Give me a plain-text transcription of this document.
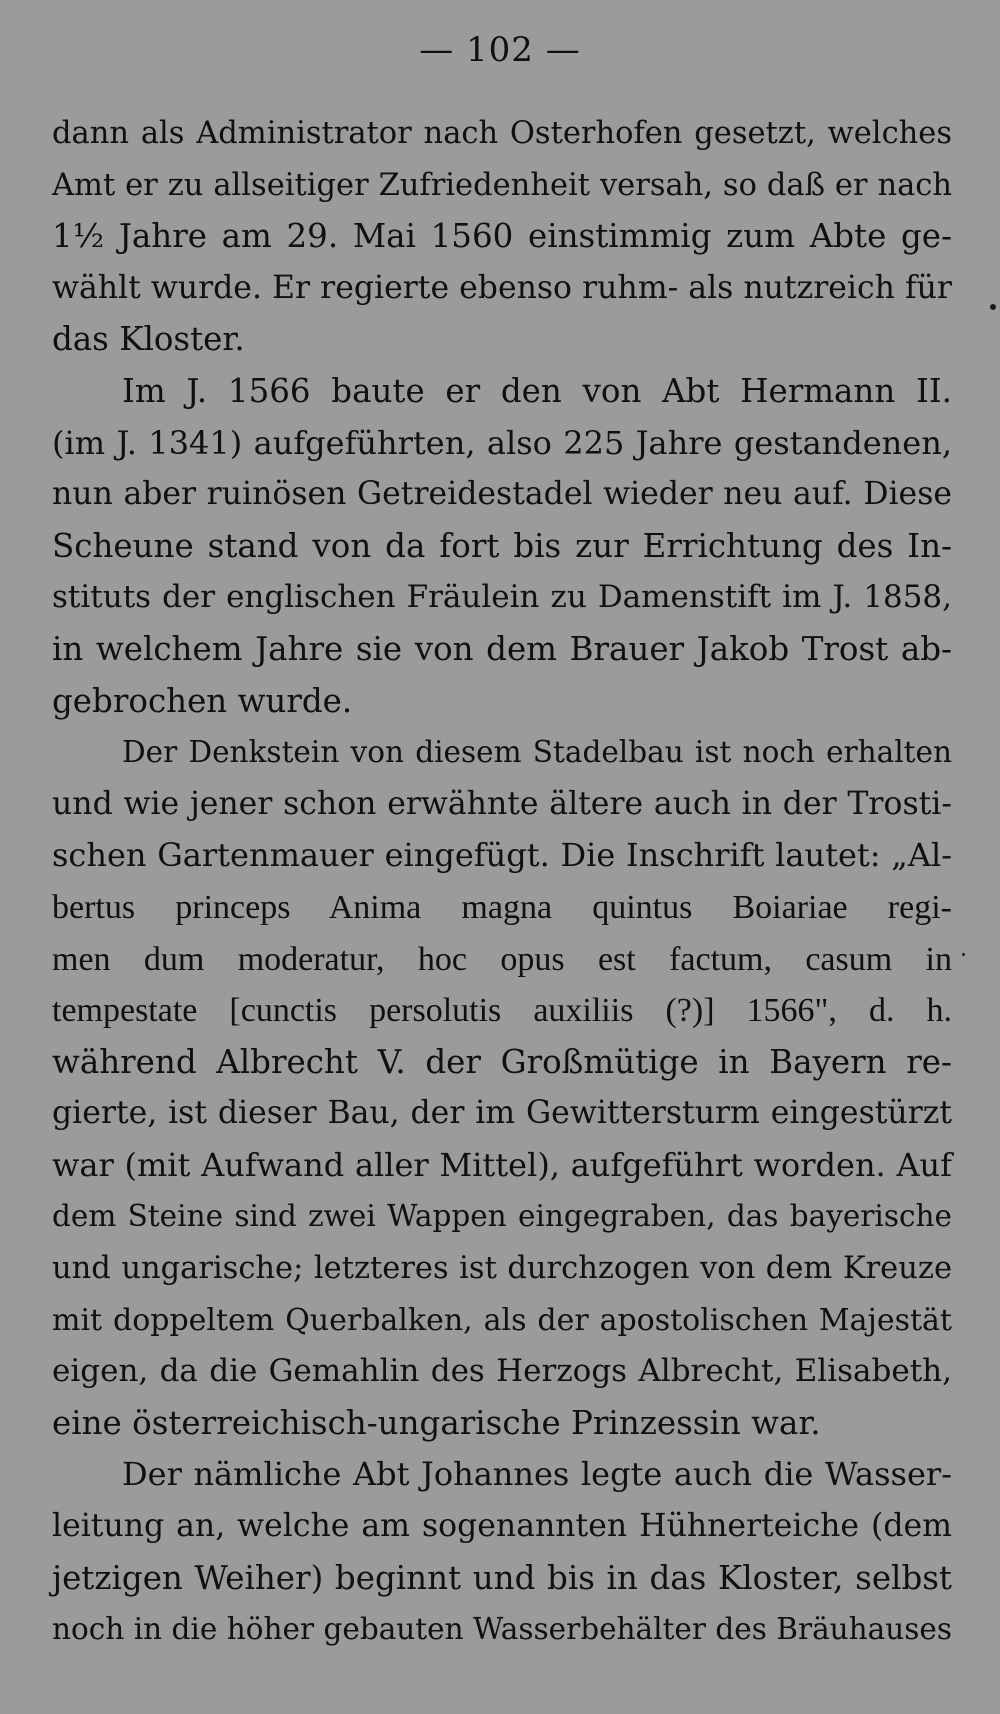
— 102 —
dann als Administrator nach Osterhofen gesetzt, welches
Amt er zu allseitiger Zufriedenheit versah, so daß er nach
1½ Jahre am 29. Mai 1560 einstimmig zum Abte ge-
wählt wurde. Er regierte ebenso ruhm- als nutzreich für
das Kloster.
Im J. 1566 baute er den von Abt Hermann II.
(im J. 1341) aufgeführten, also 225 Jahre gestandenen,
nun aber ruinösen Getreidestadel wieder neu auf. Diese
Scheune stand von da fort bis zur Errichtung des In-
stituts der englischen Fräulein zu Damenstift im J. 1858,
in welchem Jahre sie von dem Brauer Jakob Trost ab-
gebrochen wurde.
Der Denkstein von diesem Stadelbau ist noch erhalten
und wie jener schon erwähnte ältere auch in der Trosti-
schen Gartenmauer eingefügt. Die Inschrift lautet: „Al-
bertus princeps Anima magna quintus Boiariae regi-
men dum moderatur, hoc opus est factum, casum in
tempestate [cunctis persolutis auxiliis (?)] 1566", d. h.
während Albrecht V. der Großmütige in Bayern re-
gierte, ist dieser Bau, der im Gewittersturm eingestürzt
war (mit Aufwand aller Mittel), aufgeführt worden. Auf
dem Steine sind zwei Wappen eingegraben, das bayerische
und ungarische; letzteres ist durchzogen von dem Kreuze
mit doppeltem Querbalken, als der apostolischen Majestät
eigen, da die Gemahlin des Herzogs Albrecht, Elisabeth,
eine österreichisch-ungarische Prinzessin war.
Der nämliche Abt Johannes legte auch die Wasser-
leitung an, welche am sogenannten Hühnerteiche (dem
jetzigen Weiher) beginnt und bis in das Kloster, selbst
noch in die höher gebauten Wasserbehälter des Bräuhauses
